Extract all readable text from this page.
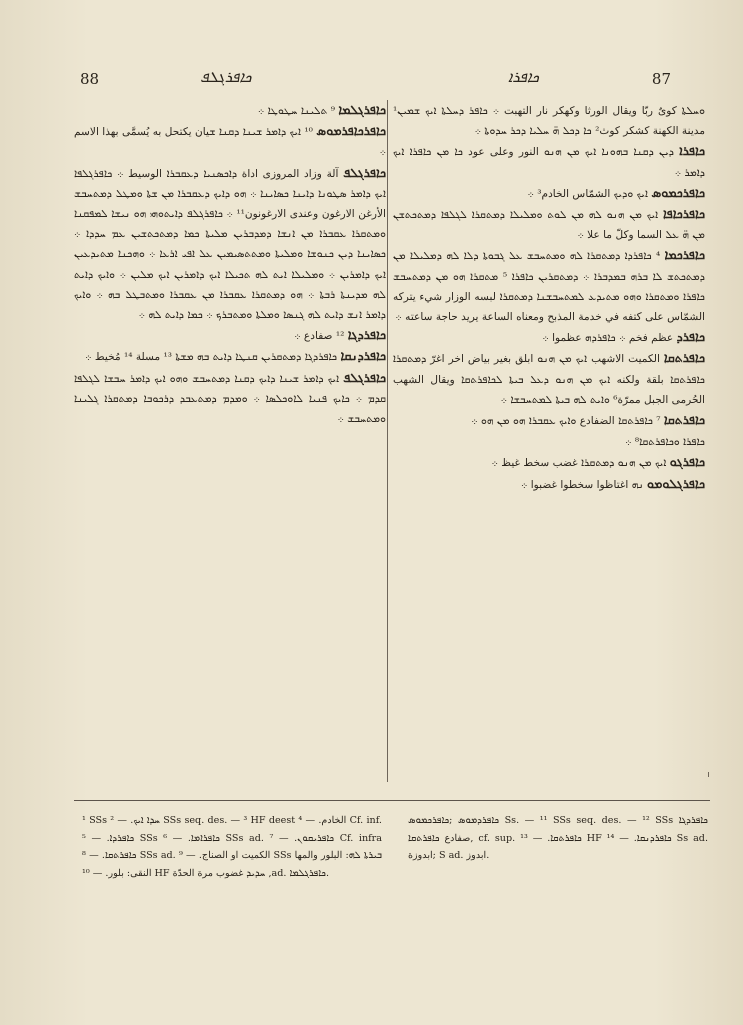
88	ܟܐܦܪܓܠܦ	ܟܐܦܪܐ	87

ܟܐܦܪܓܠܡܐ ⁹ ܬܠܝܢܐ ܚܛܘܛܐ ܀

ܟܐܦܪܟܐܦܪܡܘܣ ¹⁰ ܐܝܟ ܕܐܡܪ ܫܝܢܐ ܕܩܢܐ ܫيان يكتحل به يُسمَّى بهذا الاسم ܀

ܟܐܦܪܓܠܦ آلة وزاد المروزى اداة ܕܐܟܣܢܝܐ ܕܥܩܒܪܐ الوسيط ܀ ܟܐܦܪܓܠܦܐ ܐܝܟ ܕܐܡܪ ܣܛܘܢܐ ܕܐܝܢܐ ܟܣܐܝܢܐ ܀ ܗܘ ܕܐܝܟ ܕܥܩܒܪܐ ܡܢ ܫܬܐ ܘܡܛܠ ܕܡܬܚܒܫ الأرغن الارغون وعندى الارغونون¹¹ ܀ ܟܐܦܪܓܠܦ ܕܐܝܬܘܗܝ ܗܘ ܢܝܫܐ ܠܡܦܩܢܐ ܘܡܬܩܪܐ ܥܩܒܪܐ ܡܢ ܐܢܫܐ ܕܡܕܒܪܝܢ ܡܠܝܬܐ ܟܡܐ ܕܡܬܟܬܫܝܢ ܥܡ ܚܕܕܐ ܀ ܟܣܐܝܢܐ ܕܝܢ ܟܢܘܫܐ ܘܡܠܝܬܐ ܘܡܬܬܣܝܡܝܢ ܥܠ ܐܦܝ ܐܪܥܐ ܀ ܘܗܟܢܐ ܡܬܝܕܥܝܢ ܐܝܟ ܕܐܡܪܝܢ ܀ ܘܡܠܝܠܐ ܐܝܬ ܠܗ ܬܟܝܠܐ ܐܝܟ ܕܐܡܪܝܢ ܐܝܟ ܡܠܝܢ ܀ ܘܐܝܟ ܕܐܝܬ ܠܗ ܡܕܝܢܬܐ ܪܒܬܐ ܀ ܗܘ ܕܡܬܩܪܐ ܥܩܒܪܐ ܡܢ ܥܩܒܪܐ ܘܡܬܒܛܠ ܒܗ ܀ ܘܐܝܟ ܕܐܡܪ ܐܢܫ ܕܐܝܬ ܠܗ ܓܢܣܐ ܘܡܠܬܐ ܘܡܬܒܪܟ ܀ ܟܡܐ ܕܐܝܬ ܠܗ ܀

ܟܐܦܪܕܓܐ ¹² صفادع ܀

ܟܐܦܪܕܢܩܐ ܟܐܦܪܕܓܐ ܕܡܬܩܪܝܢ ܩܢܛܐ ܕܐܝܬ ܒܗ ܡܫܬܐ ¹³ مسلة ¹⁴ مُخيط ܀

ܟܐܦܪܓܠܦ ܐܝܟ ܕܐܡܪ ܫܝܢܐ ܕܐܝܟ ܕܩܢܐ ܕܡܬܚܒܫ ܘܗܘ ܐܝܟ ܕܐܡܪ ܚܒܫܐ ܠܓܠܦܐ ܩܕܡ ܀ ܟܐܝܟ ܦܢܝܐ ܠܐܘܟܠܣܐ ܀ ܘܡܕܡ ܕܡܬܥܒܕ ܕܪܟܘܒܐ ܕܡܬܩܪܐ ܓܠܝܢܐ ܘܡܬܚܒܫ ܀

ܘܚܠܬܐ كوىٌ ربّا ويقال الورثا وكهكر نار التهبت ܀ ܟܐܦܪ ܕܚܠܬܐ ܐܝܟ ܫܡܝܢ¹ مدينة الكهنة كشكر كوث² ܟܐ ܕܟܠ ܗ̈ ܚܠܝܐ ܕܟܪ ܚܕܘܬܐ ܀

ܟܐܦܪܐ ܕܝܢ ܕܩܢܐ ܒܗܘܢܐ ܐܝܟ ܡܢ ܗܢܘ النور وعلى عود ܟܐ ܡܢ ܟܐܦܪܐ ܐܝܟ ܕܐܡܪ ܀

ܟܐܦܪܟܡܘܣ ܐܝܟ ܘܕܝܟ الشمّاس الخادم³ ܀

ܟܐܦܪܟܐܦܐ ܐܝܟ ܡܢ ܗܢܘ ܠܗ ܡܢ ܠܘܬ ܘܡܠܝܠܐ ܕܡܬܩܪܐ ܠܓܠܦܐ ܕܡܬܟܬܫܢ ܡܢ ܗ̈ ܥܠ السما وكلّ ما علا ܀

ܟܐܦܪܟܡܐ ⁴ ܟܐܦܪܕܐ ܕܡܬܩܪܐ ܠܗ ܘܡܬܚܒܫ ܥܠ ܓܒܘܬܐ ܕܠܐ ܠܗ ܕܡܠܝܠܐ ܡܢ ܕܡܬܟܬܫ ܠܐ ܒܪܗ ܒܡܕܒܪܐ ܀ ܕܡܬܩܪܝܢ ܟܐܦܪܐ ⁵ ܡܬܩܪܐ ܗܘ ܡܢ ܕܡܬܚܒܫ ܟܐܦܪܐ ܘܡܬܩܪܐ ܘܗܘ ܡܬܝܕܥ ܠܡܬܚܒܫܢܐ ܕܡܬܩܪܐ لبسه الوزار شيء يتركه الشمّاس على كتفه في خدمة المذبح ومعناه الساعة يريد حاجة ساعته ܀

ܟܐܦܪܕ عظم فخم ܀ ܟܐܦܪܕܗ عظموا ܀

ܟܐܦܪܬܩܐ الكميت الاشهب ܐܝܟ ܡܢ ܗܢܘ ابلق بغير بياض اخر اغرّ ܕܡܬܩܪܐ ܟܐܦܪܬܩܐ بلقة ولكنه ܐܝܟ ܡܢ ܗܢܘ ܕܥܠ ܒܝܬܐ ܠܟܐܦܪܬܩܐ ويقال الشهب الحُرمى الجبل ممرّة⁶ ܘܐܝܬ ܠܗ ܒܝܬܐ ܠܡܬܚܒܫܐ ܀

ܟܐܦܪܬܩܐ ⁷ ܟܐܦܪܬܩܐ الضفادع ܘܐܝܟ ܥܩܒܪܐ ܗܘ ܡܢ ܗܘ ܀

ܟܐܦܪܐ ܘܟܐܦܪܬܩܐ⁸ ܀

ܟܐܦܪܓܘ ܐܝܟ ܡܢ ܗܢܘ ܕܡܬܩܪܐ غضب سخط غيظ ܀

ܟܐܦܪܓܠܘܡܘ ܢܗ اغتاظوا سخطوا غضبوا ܀

¹ SSs ܚܕܐ ܐܝܟ. — ² SSs seq. des. — ³ HF deest الخادم. — ⁴ Cf. inf. ܟܐܦܪܕܐ. — ⁵ SSs ܟܐܦܪܐܡܐ. — ⁶ SSs ad. ܟܐܦܪܝܩܘܢ. — ⁷ Cf. infra ܟܐܦܪܬܩܐ. — ⁸ SSs ad. الكميت او الصناج. — ⁹ SSs ܒܝܪܬܐ ܠܗ: البلور والمها النقى: بلور. — ¹⁰ HF ܚܕܝܕ غضوب مرة الحدّة ,ad. ܟܐܦܪܓܠܡܐ.
ܟܐܦܪܕܡܘܣ ;ܟܐܦܪܟܡܘܣ Ss. — ¹¹ SSs seq. des. — ¹² SSs ܟܐܦܪܕܓܐ صفادع ܟܐܦܪܬܩܐ, cf. sup. ܟܐܦܪܬܩܐ. — ¹³ HF ܟܐܦܪܕܢܩܐ. — ¹⁴ Ss ad. ابدوزة; S ad. ابدوز.
